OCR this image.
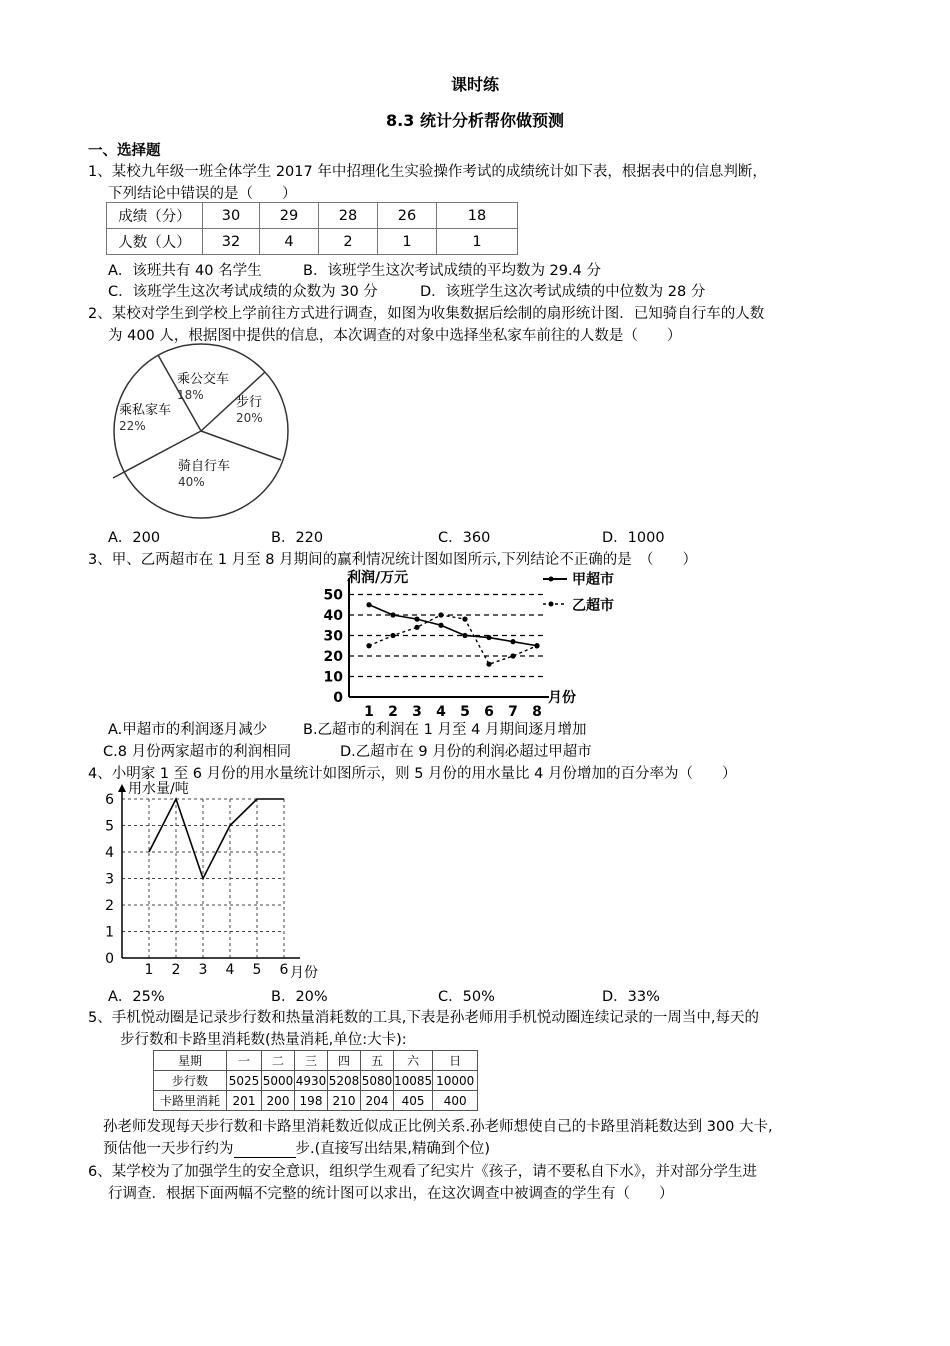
课时练
8.3 统计分析帮你做预测
一、选择题
1、某校九年级一班全体学生 2017 年中招理化生实验操作考试的成绩统计如下表，根据表中的信息判断，
下列结论中错误的是（　　）
成绩（分）	30	29	28	26	18
人数（人）	32	4	2	1	1
A．该班共有 40 名学生	B．该班学生这次考试成绩的平均数为 29.4 分
C．该班学生这次考试成绩的众数为 30 分	D．该班学生这次考试成绩的中位数为 28 分
2、某校对学生到学校上学前往方式进行调查，如图为收集数据后绘制的扇形统计图．已知骑自行车的人数
为 400 人，根据图中提供的信息，本次调查的对象中选择坐私家车前往的人数是（　　）
乘公交车
18% 步行
20%
骑自行车
40%
乘私家车
22%
A．200	B．220	C．360	D．1000
3、甲、乙两超市在 1 月至 8 月期间的赢利情况统计图如图所示,下列结论不正确的是　（　　）
0
10
20
30
40
50
1 2 3 4 5 6 7 8
利润/万元
月份
甲超市
乙超市
A.甲超市的利润逐月减少 B.乙超市的利润在 1 月至 4 月期间逐月增加
C.8 月份两家超市的利润相同	D.乙超市在 9 月份的利润必超过甲超市
4、小明家 1 至 6 月份的用水量统计如图所示，则 5 月份的用水量比 4 月份增加的百分率为（　　）
0
1
2
3
4
5
6
1 2 3 4 5 6
用水量/吨
月份
A．25%	B．20%	C．50%	D．33%
5、手机悦动圈是记录步行数和热量消耗数的工具,下表是孙老师用手机悦动圈连续记录的一周当中,每天的
步行数和卡路里消耗数(热量消耗,单位:大卡):
星期	一	二	三	四	五	六	日
步行数	5025	5000	4930	5208	5080	10085	10000
卡路里消耗	201	200	198	210	204	405	400
孙老师发现每天步行数和卡路里消耗数近似成正比例关系.孙老师想使自己的卡路里消耗数达到 300 大卡,
预估他一天步行约为	步.(直接写出结果,精确到个位)
6、某学校为了加强学生的安全意识，组织学生观看了纪实片《孩子，请不要私自下水》，并对部分学生进
行调查．根据下面两幅不完整的统计图可以求出，在这次调查中被调查的学生有（　　）
